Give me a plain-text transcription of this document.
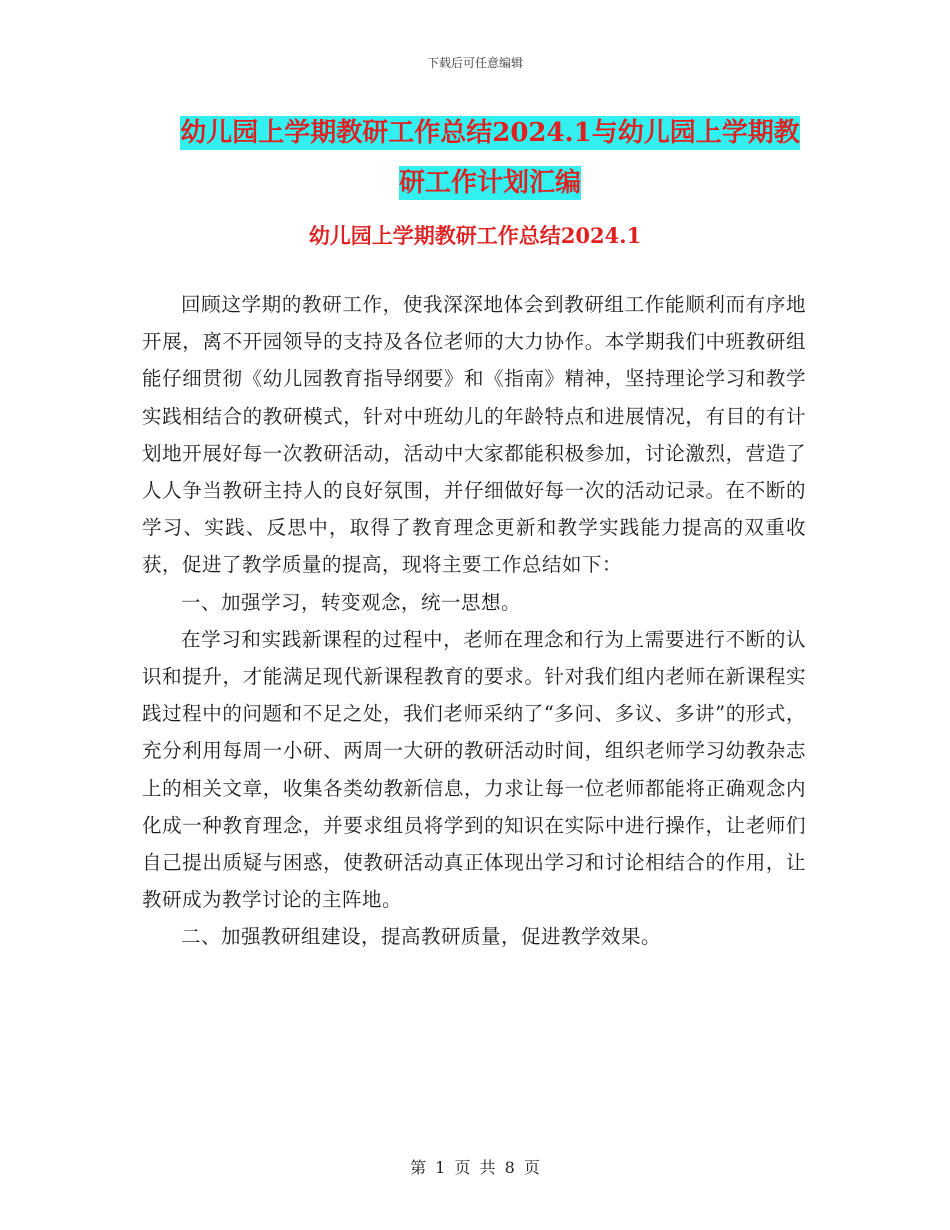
下载后可任意编辑
幼儿园上学期教研工作总结2024.1与幼儿园上学期教
研工作计划汇编
幼儿园上学期教研工作总结2024.1

回顾这学期的教研工作，使我深深地体会到教研组工作能顺利而有序地开展，离不开园领导的支持及各位老师的大力协作。本学期我们中班教研组能仔细贯彻《幼儿园教育指导纲要》和《指南》精神，坚持理论学习和教学实践相结合的教研模式，针对中班幼儿的年龄特点和进展情况，有目的有计划地开展好每一次教研活动，活动中大家都能积极参加，讨论激烈，营造了人人争当教研主持人的良好氛围，并仔细做好每一次的活动记录。在不断的学习、实践、反思中，取得了教育理念更新和教学实践能力提高的双重收获，促进了教学质量的提高，现将主要工作总结如下：

一、加强学习，转变观念，统一思想。

在学习和实践新课程的过程中，老师在理念和行为上需要进行不断的认识和提升，才能满足现代新课程教育的要求。针对我们组内老师在新课程实践过程中的问题和不足之处，我们老师采纳了“多问、多议、多讲”的形式，充分利用每周一小研、两周一大研的教研活动时间，组织老师学习幼教杂志上的相关文章，收集各类幼教新信息，力求让每一位老师都能将正确观念内化成一种教育理念，并要求组员将学到的知识在实际中进行操作，让老师们自己提出质疑与困惑，使教研活动真正体现出学习和讨论相结合的作用，让教研成为教学讨论的主阵地。

二、加强教研组建设，提高教研质量，促进教学效果。

第 1 页 共 8 页
